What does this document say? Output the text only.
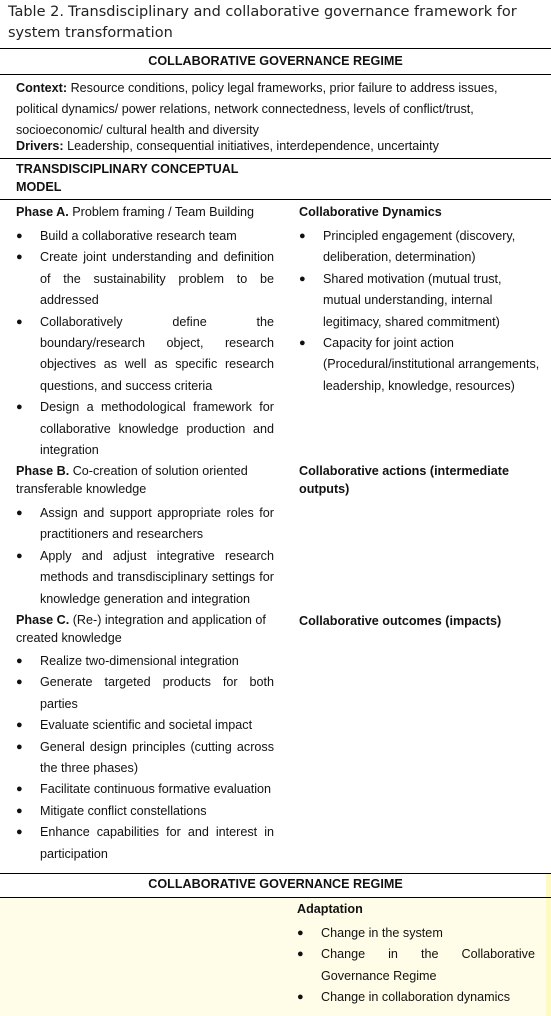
Table 2. Transdisciplinary and collaborative governance framework for system transformation
COLLABORATIVE GOVERNANCE REGIME
Context: Resource conditions, policy legal frameworks, prior failure to address issues, political dynamics/ power relations, network connectedness, levels of conflict/trust, socioeconomic/ cultural health and diversity
Drivers: Leadership, consequential initiatives, interdependence, uncertainty
TRANSDISCIPLINARY CONCEPTUAL MODEL
Phase A. Problem framing / Team Building
● Build a collaborative research team
● Create joint understanding and definition of the sustainability problem to be addressed
● Collaboratively define the boundary/research object, research objectives as well as specific research questions, and success criteria
● Design a methodological framework for collaborative knowledge production and integration
Collaborative Dynamics
● Principled engagement (discovery, deliberation, determination)
● Shared motivation (mutual trust, mutual understanding, internal legitimacy, shared commitment)
● Capacity for joint action (Procedural/institutional arrangements, leadership, knowledge, resources)
Phase B. Co-creation of solution oriented transferable knowledge
● Assign and support appropriate roles for practitioners and researchers
● Apply and adjust integrative research methods and transdisciplinary settings for knowledge generation and integration
Collaborative actions (intermediate outputs)
Phase C. (Re-) integration and application of created knowledge
● Realize two-dimensional integration
● Generate targeted products for both parties
● Evaluate scientific and societal impact
● General design principles (cutting across the three phases)
● Facilitate continuous formative evaluation
● Mitigate conflict constellations
● Enhance capabilities for and interest in participation
Collaborative outcomes (impacts)
COLLABORATIVE GOVERNANCE REGIME
Adaptation
● Change in the system
● Change in the Collaborative Governance Regime
● Change in collaboration dynamics
